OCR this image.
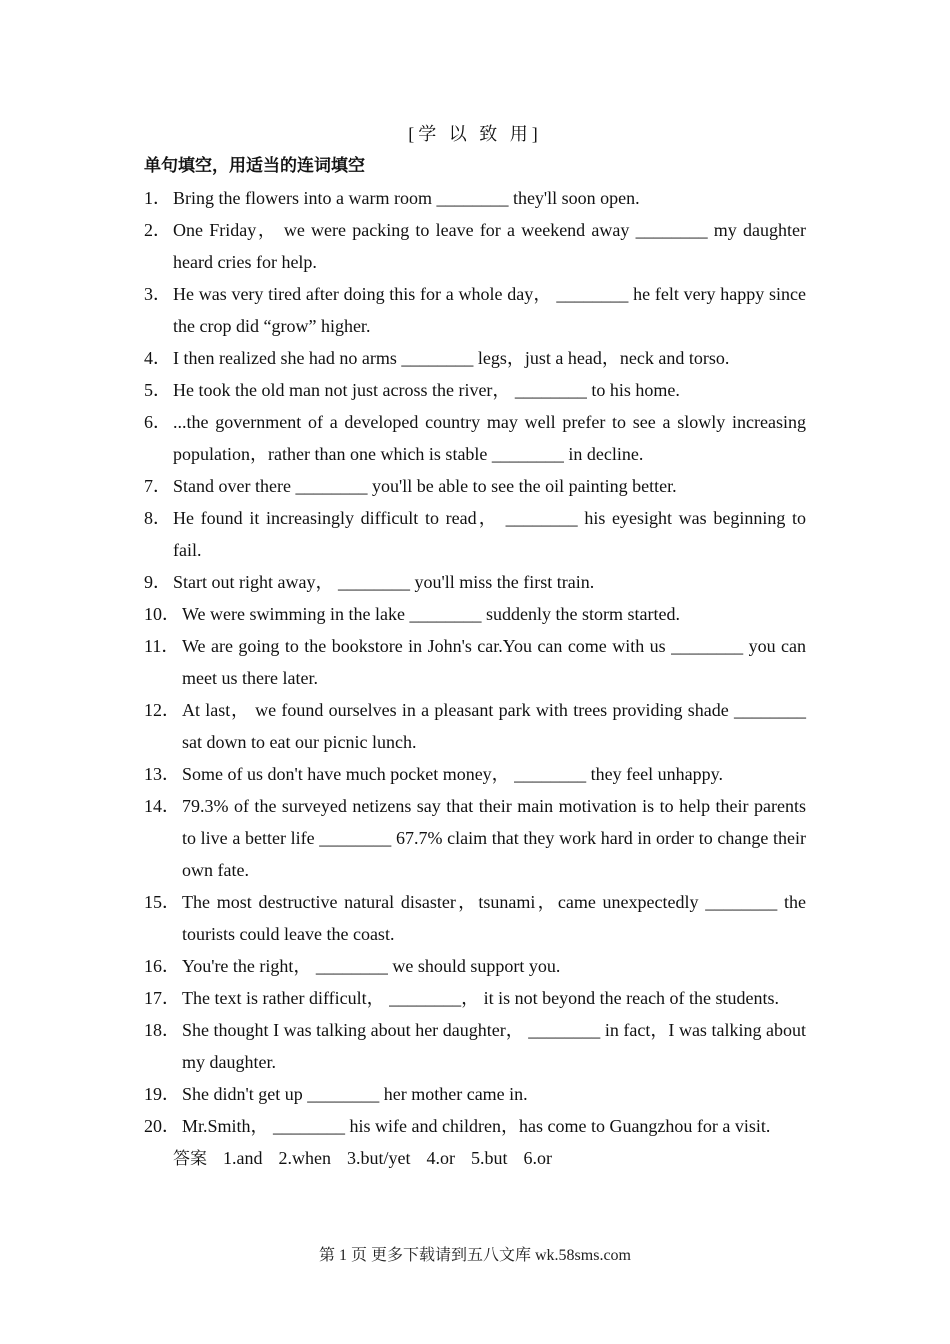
[学 以 致 用]
单句填空，用适当的连词填空
1． Bring the flowers into a warm room ________ they'll soon open.
2． One Friday， we were packing to leave for a weekend away ________ my daughter heard cries for help.
3． He was very tired after doing this for a whole day， ________ he felt very happy since the crop did “grow” higher.
4． I then realized she had no arms ________ legs，just a head，neck and torso.
5． He took the old man not just across the river， ________ to his home.
6． ...the government of a developed country may well prefer to see a slowly increasing population，rather than one which is stable ________ in decline.
7． Stand over there ________ you'll be able to see the oil painting better.
8． He found it increasingly difficult to read， ________ his eyesight was beginning to fail.
9． Start out right away， ________ you'll miss the first train.
10． We were swimming in the lake ________ suddenly the storm started.
11． We are going to the bookstore in John's car.You can come with us ________ you can meet us there later.
12． At last， we found ourselves in a pleasant park with trees providing shade ________ sat down to eat our picnic lunch.
13． Some of us don't have much pocket money， ________ they feel unhappy.
14． 79.3% of the surveyed netizens say that their main motivation is to help their parents to live a better life ________ 67.7% claim that they work hard in order to change their own fate.
15． The most destructive natural disaster，tsunami，came unexpectedly ________ the tourists could leave the coast.
16． You're the right， ________ we should support you.
17． The text is rather difficult， ________， it is not beyond the reach of the students.
18． She thought I was talking about her daughter， ________ in fact，I was talking about my daughter.
19． She didn't get up ________ her mother came in.
20． Mr.Smith， ________ his wife and children，has come to Guangzhou for a visit.
答案 1.and 2.when 3.but/yet 4.or 5.but 6.or
第 1 页 更多下载请到五八文库 wk.58sms.com
